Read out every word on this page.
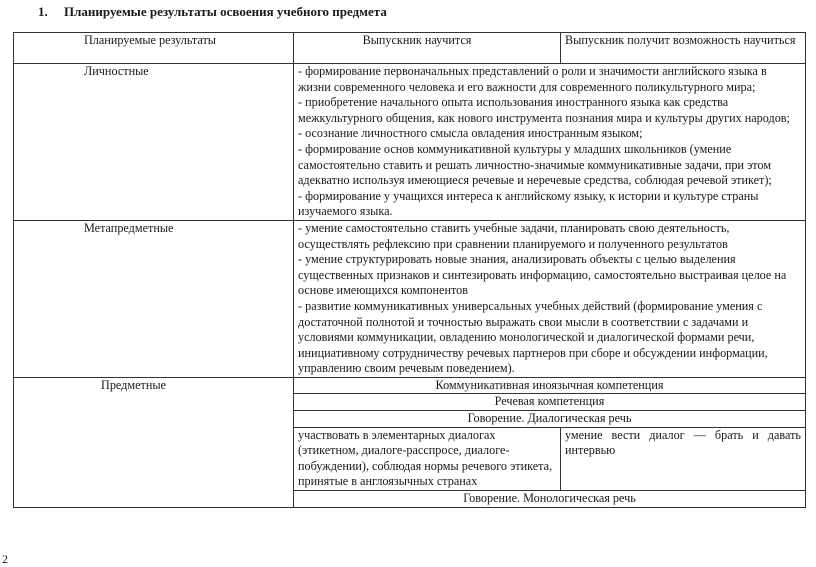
1. Планируемые результаты освоения учебного предмета
Планируемые результаты	Выпускник научится	Выпускник получит возможность научиться
Личностные	- формирование первоначальных представлений о роли и значимости английского языка в жизни современного человека и его важности для современного поликультурного мира;
- приобретение начального опыта использования иностранного языка как средства межкультурного общения, как нового инструмента познания мира и культуры других народов;
- осознание личностного смысла овладения иностранным языком;
- формирование основ коммуникативной культуры у младших школьников (умение самостоятельно ставить и решать личностно-значимые коммуникативные задачи, при этом адекватно используя имеющиеся речевые и неречевые средства, соблюдая речевой этикет);
- формирование у учащихся интереса к английскому языку, к истории и культуре страны изучаемого языка.	

Метапредметные	- умение самостоятельно ставить учебные задачи, планировать свою деятельность, осуществлять рефлексию при сравнении планируемого и полученного результатов
- умение структурировать новые знания, анализировать объекты с целью выделения существенных признаков и синтезировать информацию, самостоятельно выстраивая целое на основе имеющихся компонентов
- развитие коммуникативных универсальных учебных действий (формирование умения с достаточной полнотой и точностью выражать свои мысли в соответствии с задачами и условиями коммуникации, овладению монологической и диалогической формами речи, инициативному сотрудничеству речевых партнеров при сборе и обсуждении информации, управлению своим речевым поведением).	

Предметные	Коммуникативная иноязычная компетенция	
	Речевая компетенция	
	Говорение. Диалогическая речь	
	участвовать в элементарных диалогах (этикетном, диалоге-расспросе, диалоге-побуждении), соблюдая нормы речевого этикета, принятые в англоязычных странах	умение вести диалог — брать и давать интервью
	Говорение. Монологическая речь	
2
